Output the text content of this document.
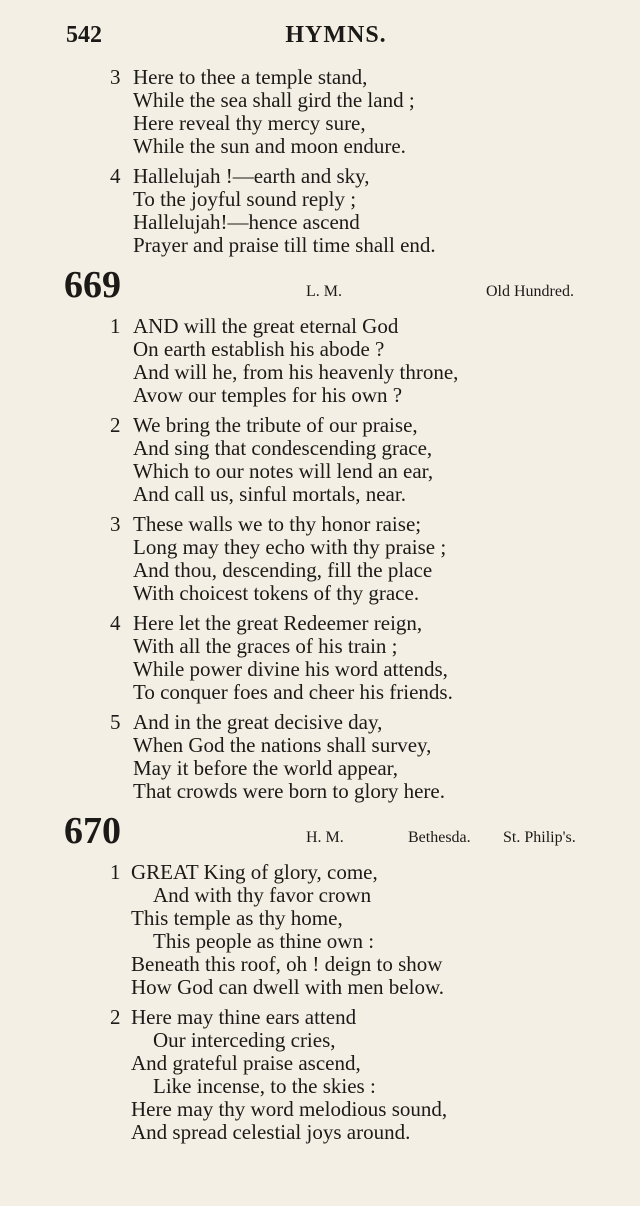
542	HYMNS.
3 Here to thee a temple stand,
While the sea shall gird the land ;
Here reveal thy mercy sure,
While the sun and moon endure.
4 Hallelujah !—earth and sky,
To the joyful sound reply ;
Hallelujah!—hence ascend
Prayer and praise till time shall end.
669	L. M.	Old Hundred.
1 AND will the great eternal God
On earth establish his abode ?
And will he, from his heavenly throne,
Avow our temples for his own ?
2 We bring the tribute of our praise,
And sing that condescending grace,
Which to our notes will lend an ear,
And call us, sinful mortals, near.
3 These walls we to thy honor raise;
Long may they echo with thy praise ;
And thou, descending, fill the place
With choicest tokens of thy grace.
4 Here let the great Redeemer reign,
With all the graces of his train ;
While power divine his word attends,
To conquer foes and cheer his friends.
5 And in the great decisive day,
When God the nations shall survey,
May it before the world appear,
That crowds were born to glory here.
670	H. M.	Bethesda. St. Philip's.
1 GREAT King of glory, come,
And with thy favor crown
This temple as thy home,
This people as thine own :
Beneath this roof, oh ! deign to show
How God can dwell with men below.
2 Here may thine ears attend
Our interceding cries,
And grateful praise ascend,
Like incense, to the skies :
Here may thy word melodious sound,
And spread celestial joys around.
